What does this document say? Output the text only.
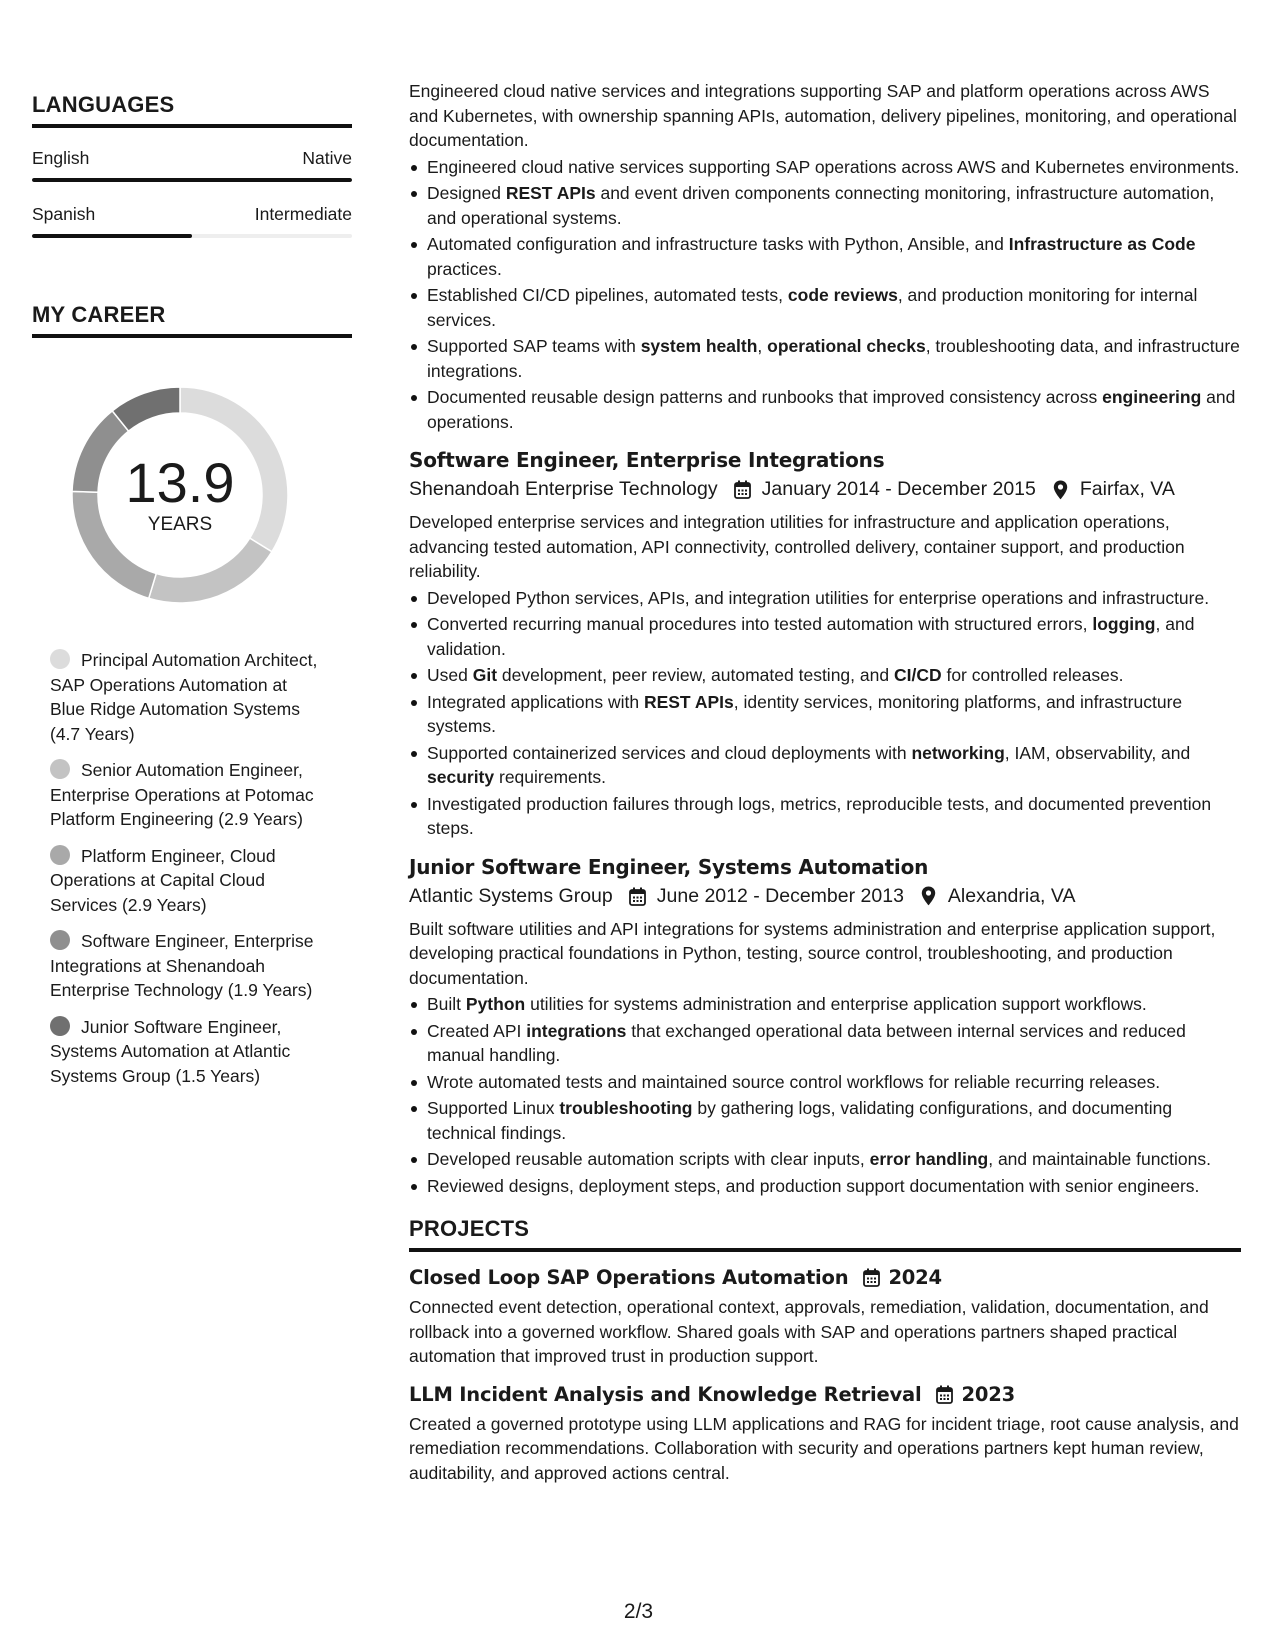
LANGUAGES
English	Native
Spanish	Intermediate
MY CAREER
13.9
YEARS
Principal Automation Architect, SAP Operations Automation at Blue Ridge Automation Systems (4.7 Years)
Senior Automation Engineer, Enterprise Operations at Potomac Platform Engineering (2.9 Years)
Platform Engineer, Cloud Operations at Capital Cloud Services (2.9 Years)
Software Engineer, Enterprise Integrations at Shenandoah Enterprise Technology (1.9 Years)
Junior Software Engineer, Systems Automation at Atlantic Systems Group (1.5 Years)

Engineered cloud native services and integrations supporting SAP and platform operations across AWS and Kubernetes, with ownership spanning APIs, automation, delivery pipelines, monitoring, and operational documentation.

Engineered cloud native services supporting SAP operations across AWS and Kubernetes environments.
Designed REST APIs and event driven components connecting monitoring, infrastructure automation, and operational systems.
Automated configuration and infrastructure tasks with Python, Ansible, and Infrastructure as Code practices.
Established CI/CD pipelines, automated tests, code reviews, and production monitoring for internal services.
Supported SAP teams with system health, operational checks, troubleshooting data, and infrastructure integrations.
Documented reusable design patterns and runbooks that improved consistency across engineering and operations.
Software Engineer, Enterprise Integrations
Shenandoah Enterprise Technology January 2014 - December 2015 Fairfax, VA

Developed enterprise services and integration utilities for infrastructure and application operations, advancing tested automation, API connectivity, controlled delivery, container support, and production reliability.

Developed Python services, APIs, and integration utilities for enterprise operations and infrastructure.
Converted recurring manual procedures into tested automation with structured errors, logging, and validation.
Used Git development, peer review, automated testing, and CI/CD for controlled releases.
Integrated applications with REST APIs, identity services, monitoring platforms, and infrastructure systems.
Supported containerized services and cloud deployments with networking, IAM, observability, and security requirements.
Investigated production failures through logs, metrics, reproducible tests, and documented prevention steps.
Junior Software Engineer, Systems Automation
Atlantic Systems Group June 2012 - December 2013 Alexandria, VA

Built software utilities and API integrations for systems administration and enterprise application support, developing practical foundations in Python, testing, source control, troubleshooting, and production documentation.

Built Python utilities for systems administration and enterprise application support workflows.
Created API integrations that exchanged operational data between internal services and reduced manual handling.
Wrote automated tests and maintained source control workflows for reliable recurring releases.
Supported Linux troubleshooting by gathering logs, validating configurations, and documenting technical findings.
Developed reusable automation scripts with clear inputs, error handling, and maintainable functions.
Reviewed designs, deployment steps, and production support documentation with senior engineers.
PROJECTS
Closed Loop SAP Operations Automation 2024

Connected event detection, operational context, approvals, remediation, validation, documentation, and rollback into a governed workflow. Shared goals with SAP and operations partners shaped practical automation that improved trust in production support.

LLM Incident Analysis and Knowledge Retrieval 2023

Created a governed prototype using LLM applications and RAG for incident triage, root cause analysis, and remediation recommendations. Collaboration with security and operations partners kept human review, auditability, and approved actions central.

2/3
